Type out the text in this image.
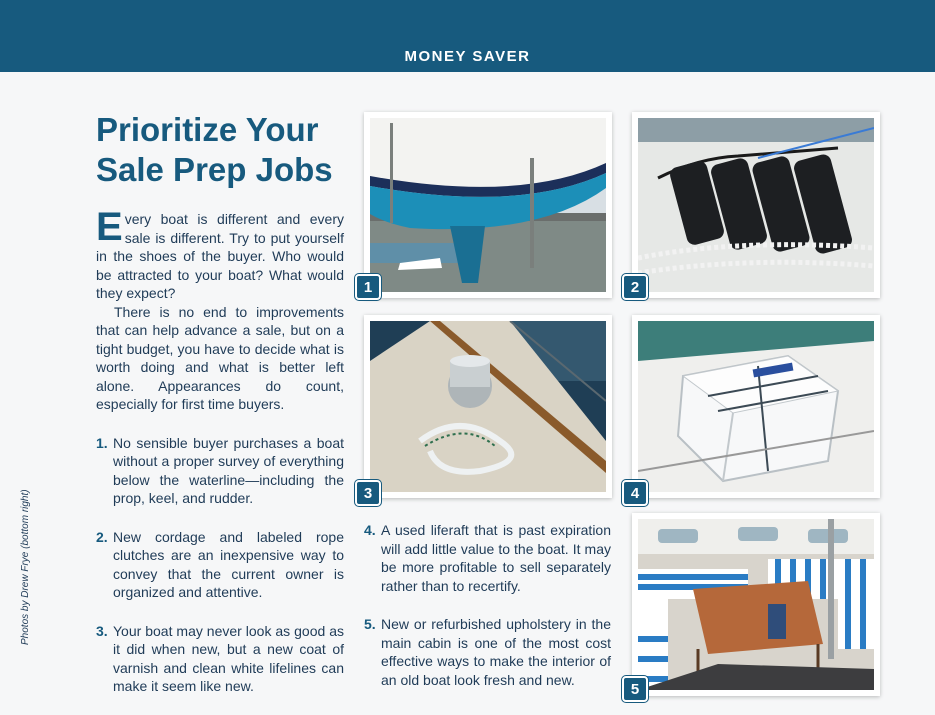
MONEY SAVER
Photos by Drew Frye (bottom right)
Prioritize Your Sale Prep Jobs

Every boat is different and every sale is different. Try to put yourself in the shoes of the buyer. Who would be attracted to your boat? What would they expect?

There is no end to improvements that can help advance a sale, but on a tight budget, you have to decide what is worth doing and what is better left alone. Appearances do count, especially for first time buyers.

1. No sensible buyer purchases a boat without a proper survey of everything below the waterline—including the prop, keel, and rudder.
2. New cordage and labeled rope clutches are an inexpensive way to convey that the current owner is organized and attentive.
3. Your boat may never look as good as it did when new, but a new coat of varnish and clean white lifelines can make it seem like new.
4. A used liferaft that is past expiration will add little value to the boat. It may be more profitable to sell separately rather than to recertify.
5. New or refurbished upholstery in the main cabin is one of the most cost effective ways to make the interior of an old boat look fresh and new.
1	2
3	4
5
